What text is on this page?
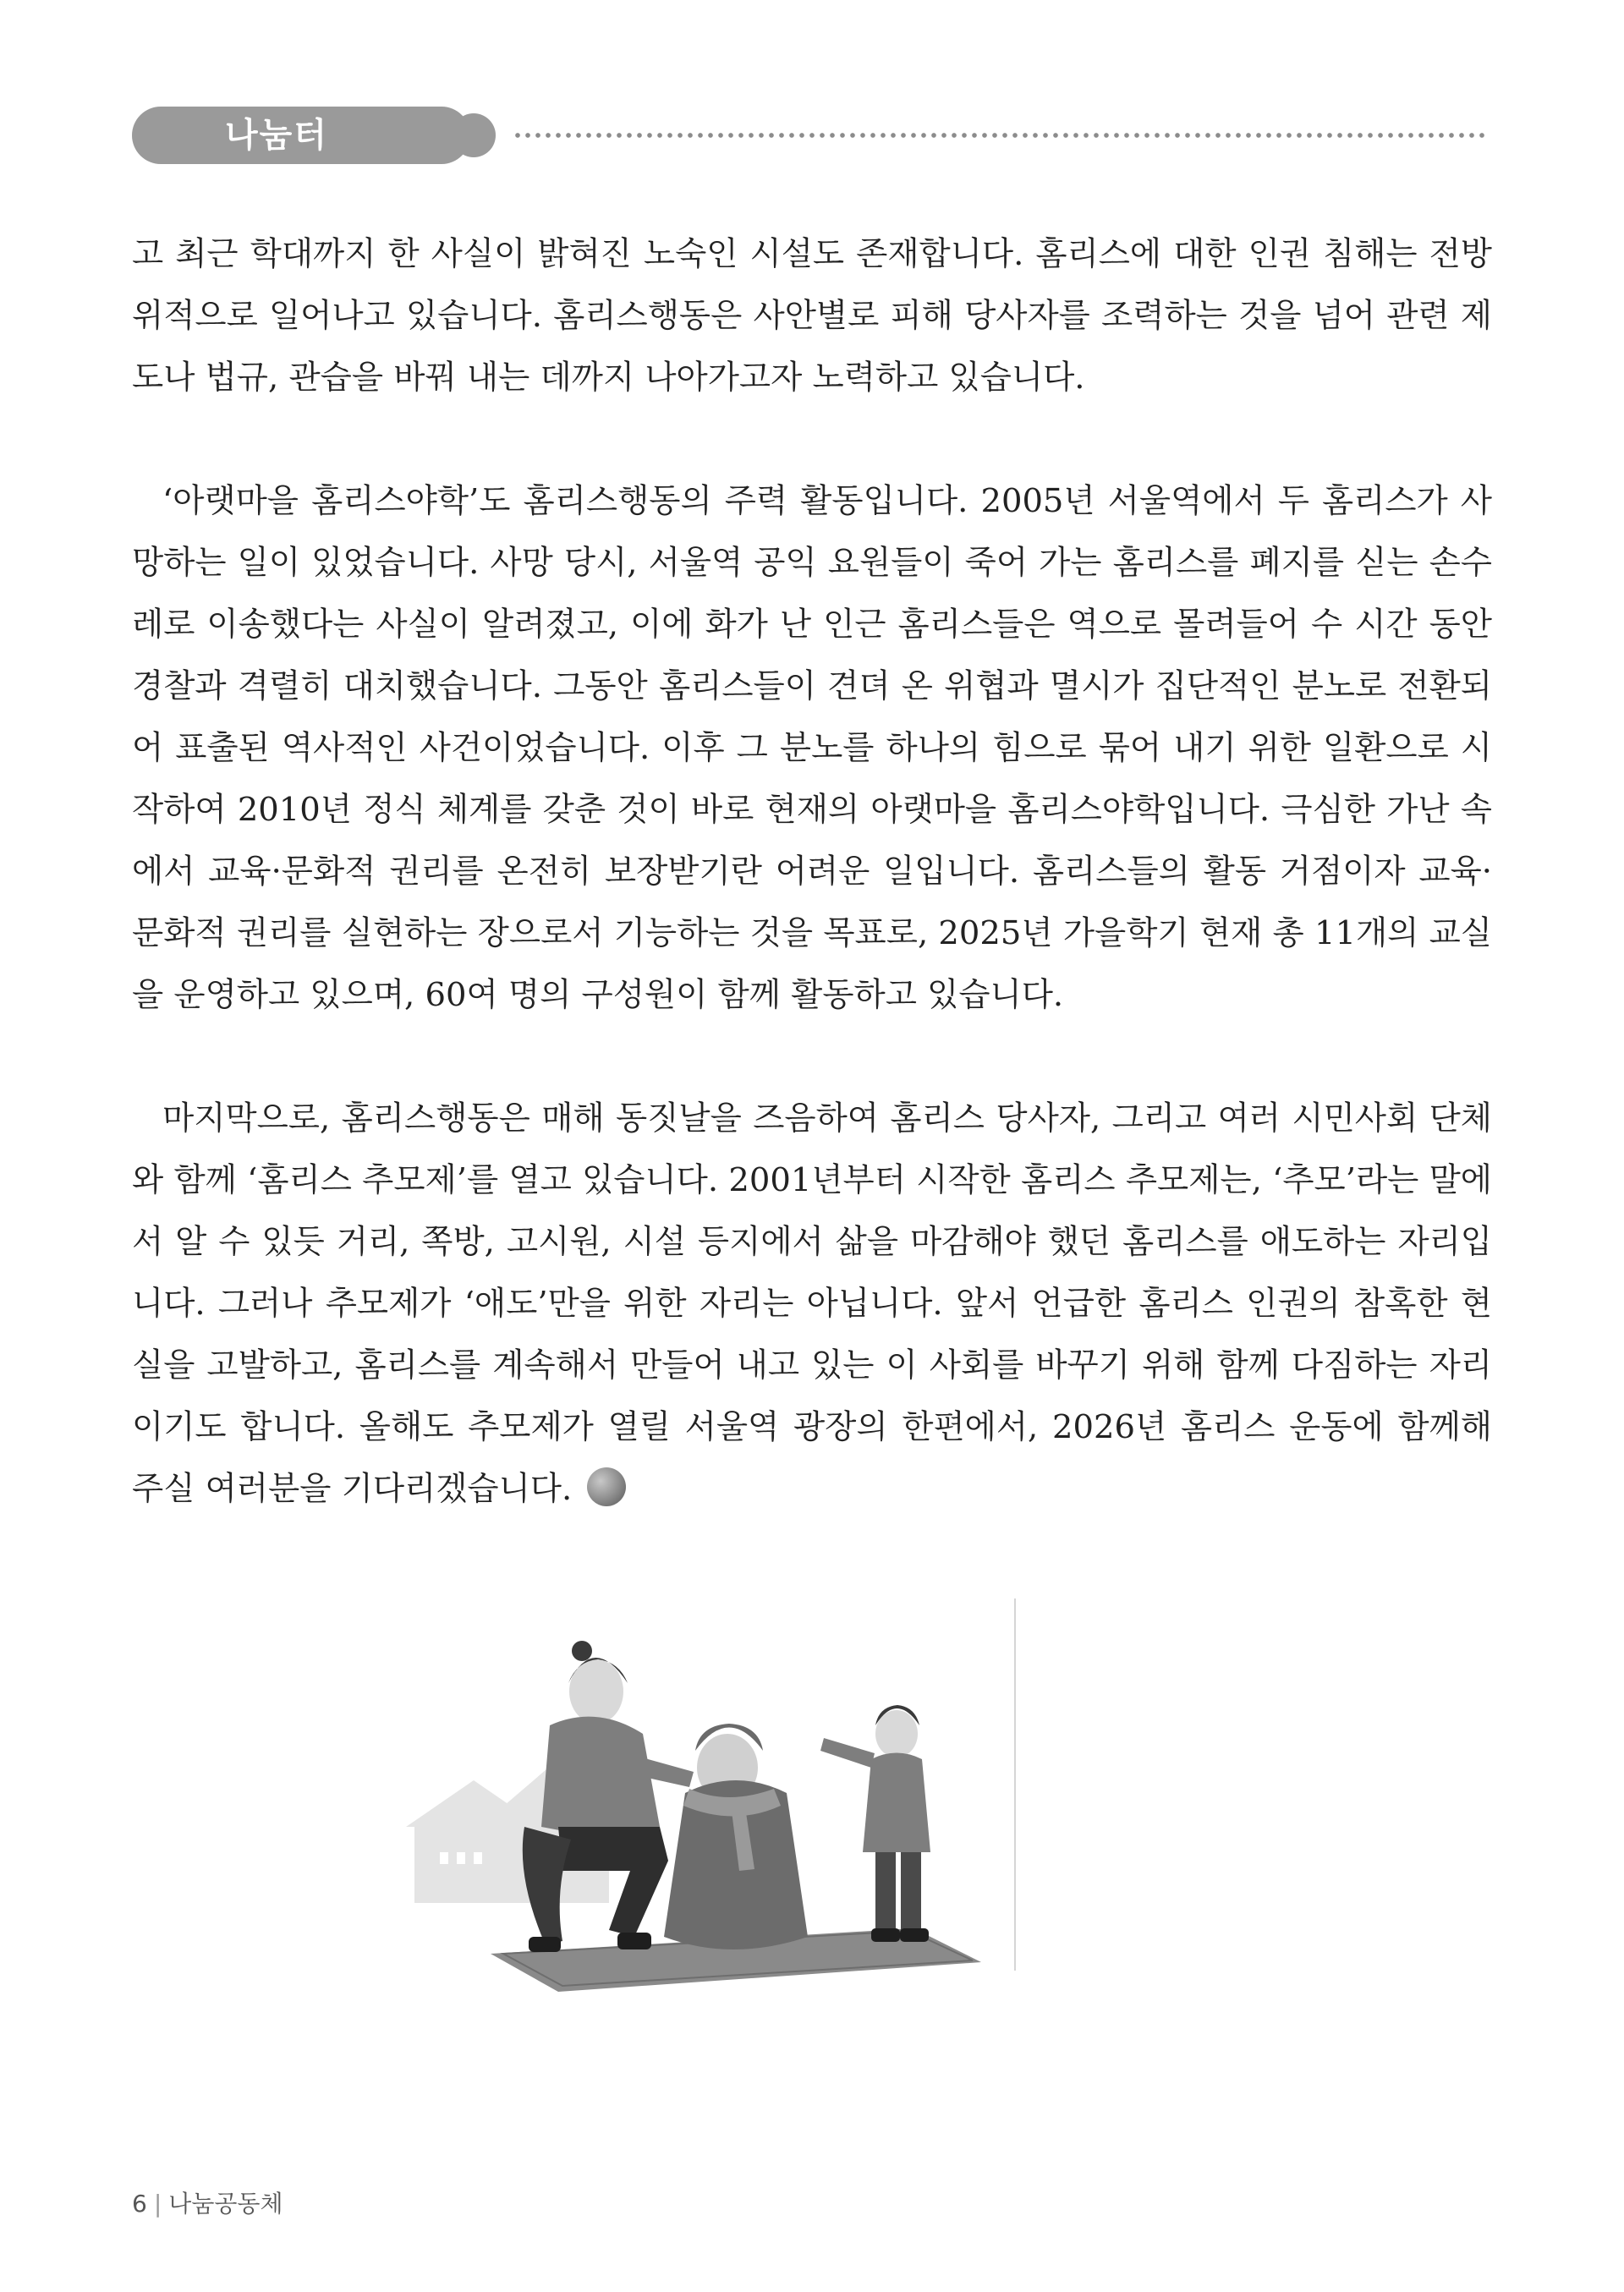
나눔터

고 최근 학대까지 한 사실이 밝혀진 노숙인 시설도 존재합니다. 홈리스에 대한 인권 침해는 전방위적으로 일어나고 있습니다. 홈리스행동은 사안별로 피해 당사자를 조력하는 것을 넘어 관련 제도나 법규, 관습을 바꿔 내는 데까지 나아가고자 노력하고 있습니다.

‘아랫마을 홈리스야학’도 홈리스행동의 주력 활동입니다. 2005년 서울역에서 두 홈리스가 사망하는 일이 있었습니다. 사망 당시, 서울역 공익 요원들이 죽어 가는 홈리스를 폐지를 싣는 손수레로 이송했다는 사실이 알려졌고, 이에 화가 난 인근 홈리스들은 역으로 몰려들어 수 시간 동안 경찰과 격렬히 대치했습니다. 그동안 홈리스들이 견뎌 온 위협과 멸시가 집단적인 분노로 전환되어 표출된 역사적인 사건이었습니다. 이후 그 분노를 하나의 힘으로 묶어 내기 위한 일환으로 시작하여 2010년 정식 체계를 갖춘 것이 바로 현재의 아랫마을 홈리스야학입니다. 극심한 가난 속에서 교육·문화적 권리를 온전히 보장받기란 어려운 일입니다. 홈리스들의 활동 거점이자 교육·문화적 권리를 실현하는 장으로서 기능하는 것을 목표로, 2025년 가을학기 현재 총 11개의 교실을 운영하고 있으며, 60여 명의 구성원이 함께 활동하고 있습니다.

마지막으로, 홈리스행동은 매해 동짓날을 즈음하여 홈리스 당사자, 그리고 여러 시민사회 단체와 함께 ‘홈리스 추모제’를 열고 있습니다. 2001년부터 시작한 홈리스 추모제는, ‘추모’라는 말에서 알 수 있듯 거리, 쪽방, 고시원, 시설 등지에서 삶을 마감해야 했던 홈리스를 애도하는 자리입니다. 그러나 추모제가 ‘애도’만을 위한 자리는 아닙니다. 앞서 언급한 홈리스 인권의 참혹한 현실을 고발하고, 홈리스를 계속해서 만들어 내고 있는 이 사회를 바꾸기 위해 함께 다짐하는 자리이기도 합니다. 올해도 추모제가 열릴 서울역 광장의 한편에서, 2026년 홈리스 운동에 함께해 주실 여러분을 기다리겠습니다.

6 | 나눔공동체
